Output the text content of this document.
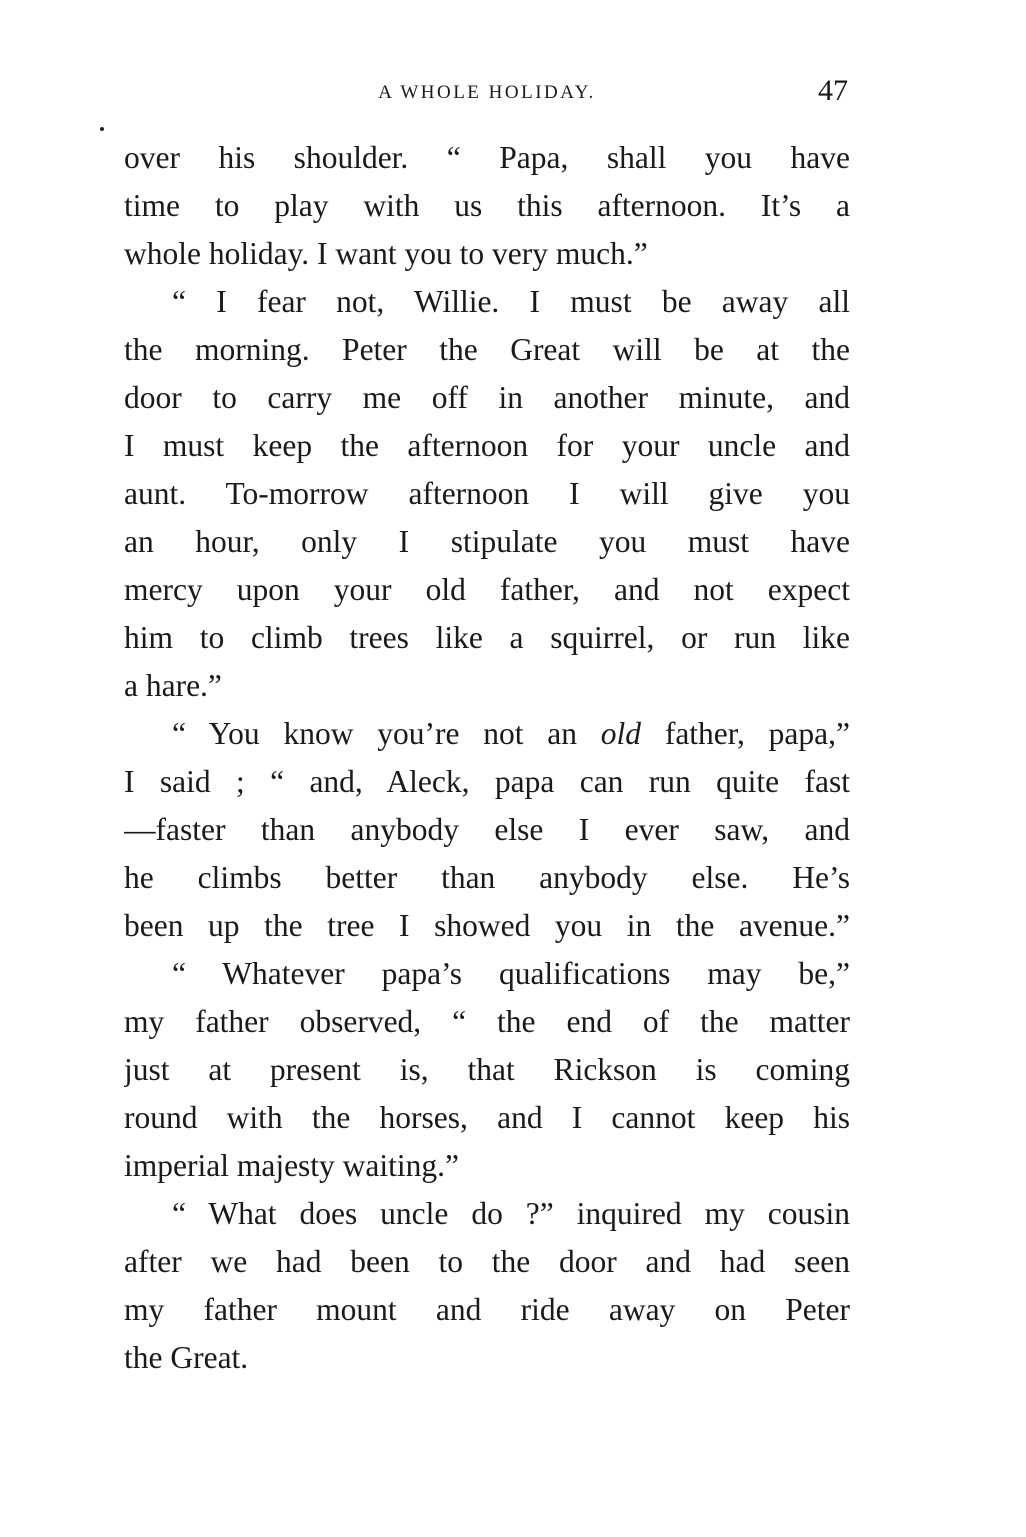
A WHOLE HOLIDAY.	47
over his shoulder. “ Papa, shall you have
time to play with us this afternoon. It’s a
whole holiday. I want you to very much.”
“ I fear not, Willie. I must be away all
the morning. Peter the Great will be at the
door to carry me off in another minute, and
I must keep the afternoon for your uncle and
aunt. To-morrow afternoon I will give you
an hour, only I stipulate you must have
mercy upon your old father, and not expect
him to climb trees like a squirrel, or run like
a hare.”
“ You know you’re not an old father, papa,”
I said ; “ and, Aleck, papa can run quite fast
—faster than anybody else I ever saw, and
he climbs better than anybody else. He’s
been up the tree I showed you in the avenue.”
“ Whatever papa’s qualifications may be,”
my father observed, “ the end of the matter
just at present is, that Rickson is coming
round with the horses, and I cannot keep his
imperial majesty waiting.”
“ What does uncle do ?” inquired my cousin
after we had been to the door and had seen
my father mount and ride away on Peter
the Great.
